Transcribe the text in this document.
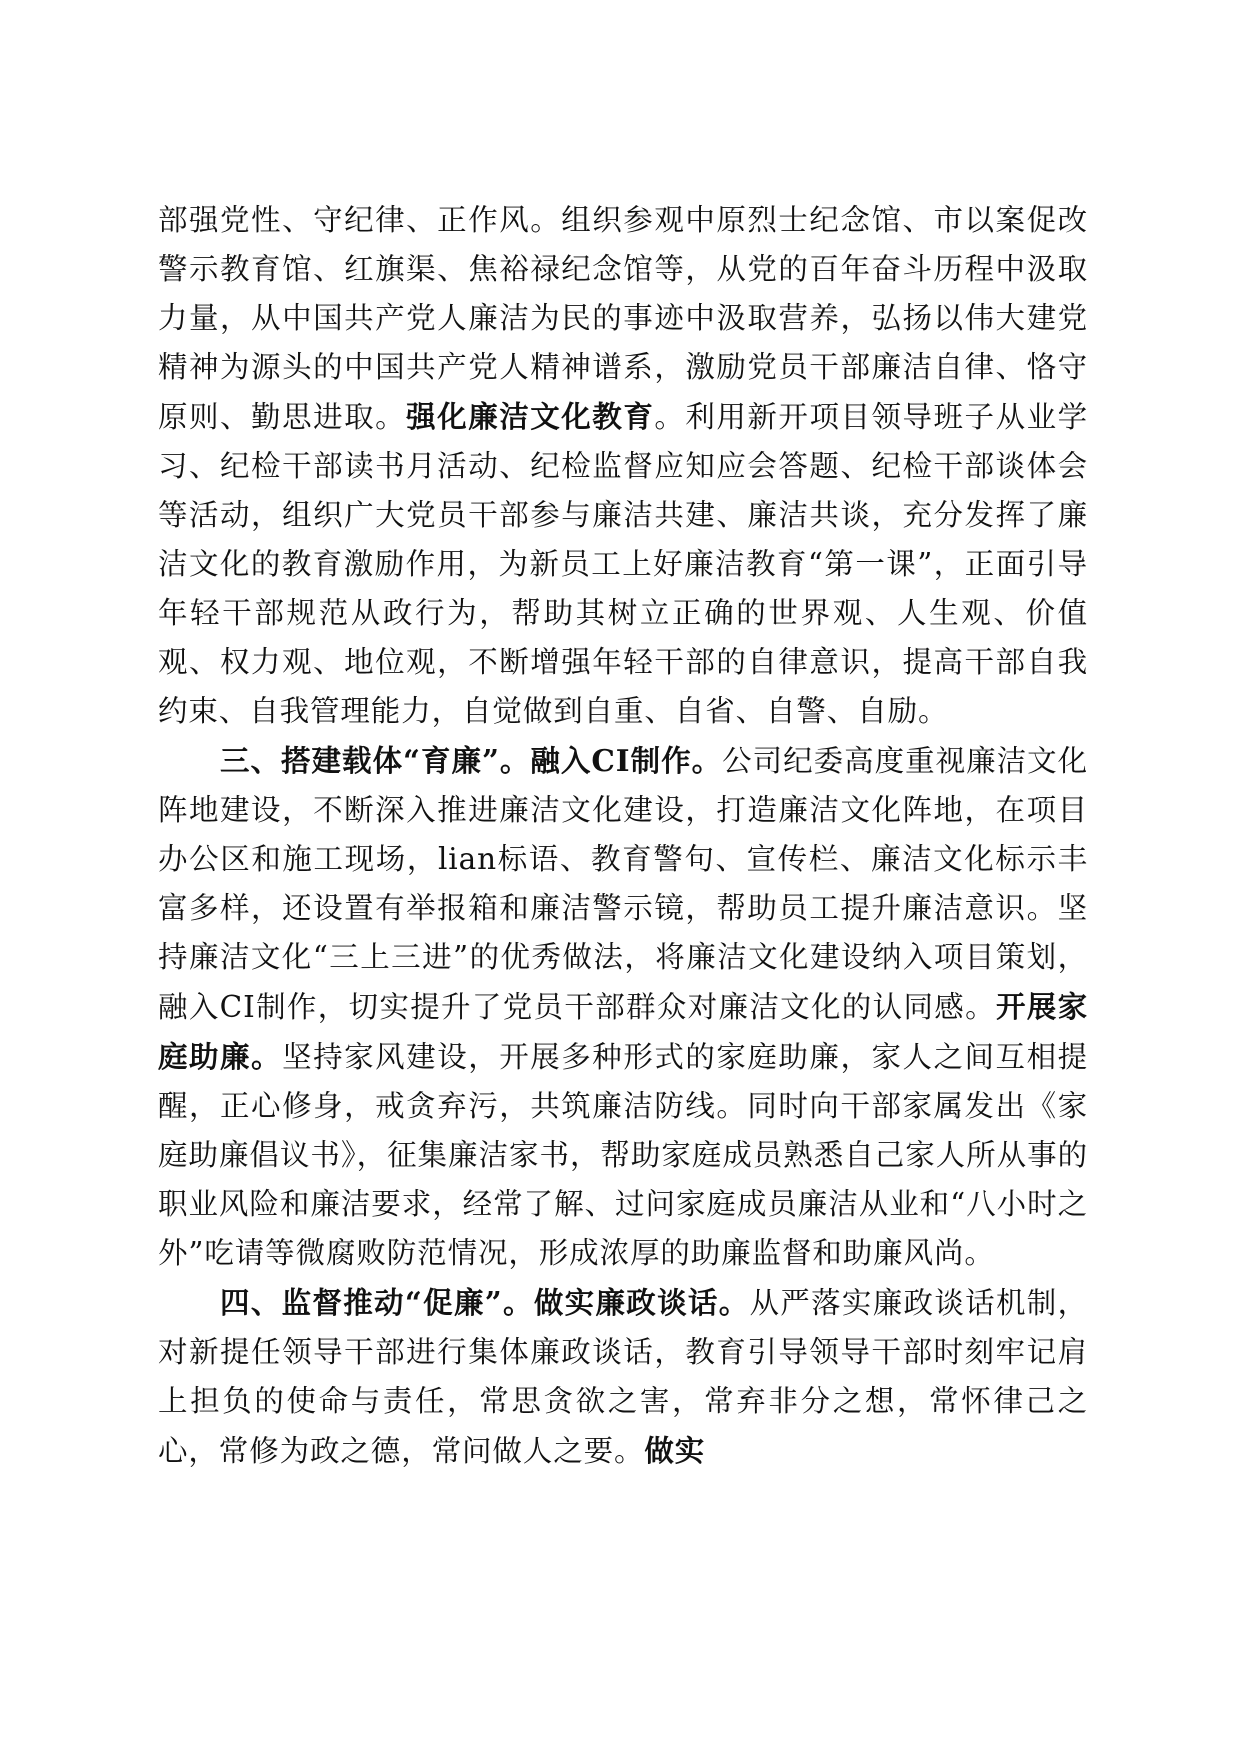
部强党性、守纪律、正作风。组织参观中原烈士纪念馆、市以案促改警示教育馆、红旗渠、焦裕禄纪念馆等，从党的百年奋斗历程中汲取力量，从中国共产党人廉洁为民的事迹中汲取营养，弘扬以伟大建党精神为源头的中国共产党人精神谱系，激励党员干部廉洁自律、恪守原则、勤思进取。强化廉洁文化教育。利用新开项目领导班子从业学习、纪检干部读书月活动、纪检监督应知应会答题、纪检干部谈体会等活动，组织广大党员干部参与廉洁共建、廉洁共谈，充分发挥了廉洁文化的教育激励作用，为新员工上好廉洁教育“第一课”，正面引导年轻干部规范从政行为，帮助其树立正确的世界观、人生观、价值观、权力观、地位观，不断增强年轻干部的自律意识，提高干部自我约束、自我管理能力，自觉做到自重、自省、自警、自励。

三、搭建载体“育廉”。融入CI制作。公司纪委高度重视廉洁文化阵地建设，不断深入推进廉洁文化建设，打造廉洁文化阵地，在项目办公区和施工现场，lian标语、教育警句、宣传栏、廉洁文化标示丰富多样，还设置有举报箱和廉洁警示镜，帮助员工提升廉洁意识。坚持廉洁文化“三上三进”的优秀做法，将廉洁文化建设纳入项目策划，融入CI制作，切实提升了党员干部群众对廉洁文化的认同感。开展家庭助廉。坚持家风建设，开展多种形式的家庭助廉，家人之间互相提醒，正心修身，戒贪弃污，共筑廉洁防线。同时向干部家属发出《家庭助廉倡议书》，征集廉洁家书，帮助家庭成员熟悉自己家人所从事的职业风险和廉洁要求，经常了解、过问家庭成员廉洁从业和“八小时之外”吃请等微腐败防范情况，形成浓厚的助廉监督和助廉风尚。

四、监督推动“促廉”。做实廉政谈话。从严落实廉政谈话机制，对新提任领导干部进行集体廉政谈话，教育引导领导干部时刻牢记肩上担负的使命与责任，常思贪欲之害，常弃非分之想，常怀律己之心，常修为政之德，常问做人之要。做实
